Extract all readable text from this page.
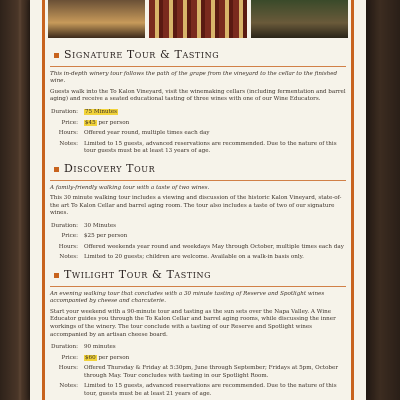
Signature Tour & Tasting
This in-depth winery tour follows the path of the grape from the vineyard to the cellar to the finished wine.
Guests walk into the To Kalon Vineyard, visit the winemaking cellars (including fermentation and barrel aging) and receive a seated educational tasting of three wines with one of our Wine Educators.
Duration:	75 Minutes
Price:	$45 per person
Hours:	Offered year round, multiple times each day
Notes:	Limited to 15 guests, advanced reservations are recommended. Due to the nature of this tour guests must be at least 13 years of age.
Discovery Tour
A family-friendly walking tour with a taste of two wines.
This 30 minute walking tour includes a viewing and discussion of the historic Kalon Vineyard, state-of-the art To Kalon Cellar and barrel aging room. The tour also includes a taste of two of our signature wines.
Duration:	30 Minutes
Price:	$25 per person
Hours:	Offered weekends year round and weekdays May through October, multiple times each day
Notes:	Limited to 20 guests; children are welcome. Available on a walk-in basis only.
Twilight Tour & Tasting
An evening walking tour that concludes with a 30 minute tasting of Reserve and Spotlight wines accompanied by cheese and charcuterie.
Start your weekend with a 90-minute tour and tasting as the sun sets over the Napa Valley. A Wine Educator guides you through the To Kalon Cellar and barrel aging rooms, while discussing the inner workings of the winery. The tour conclude with a tasting of our Reserve and Spotlight wines accompanied by an artisan cheese board.
Duration:	90 minutes
Price:	$60 per person
Hours:	Offered Thursday & Friday at 5:30pm, June through September; Fridays at 5pm, October through May. Tour concludes with tasting in our Spotlight Room.
Notes:	Limited to 15 guests, advanced reservations are recommended. Due to the nature of this tour, guests must be at least 21 years of age.
